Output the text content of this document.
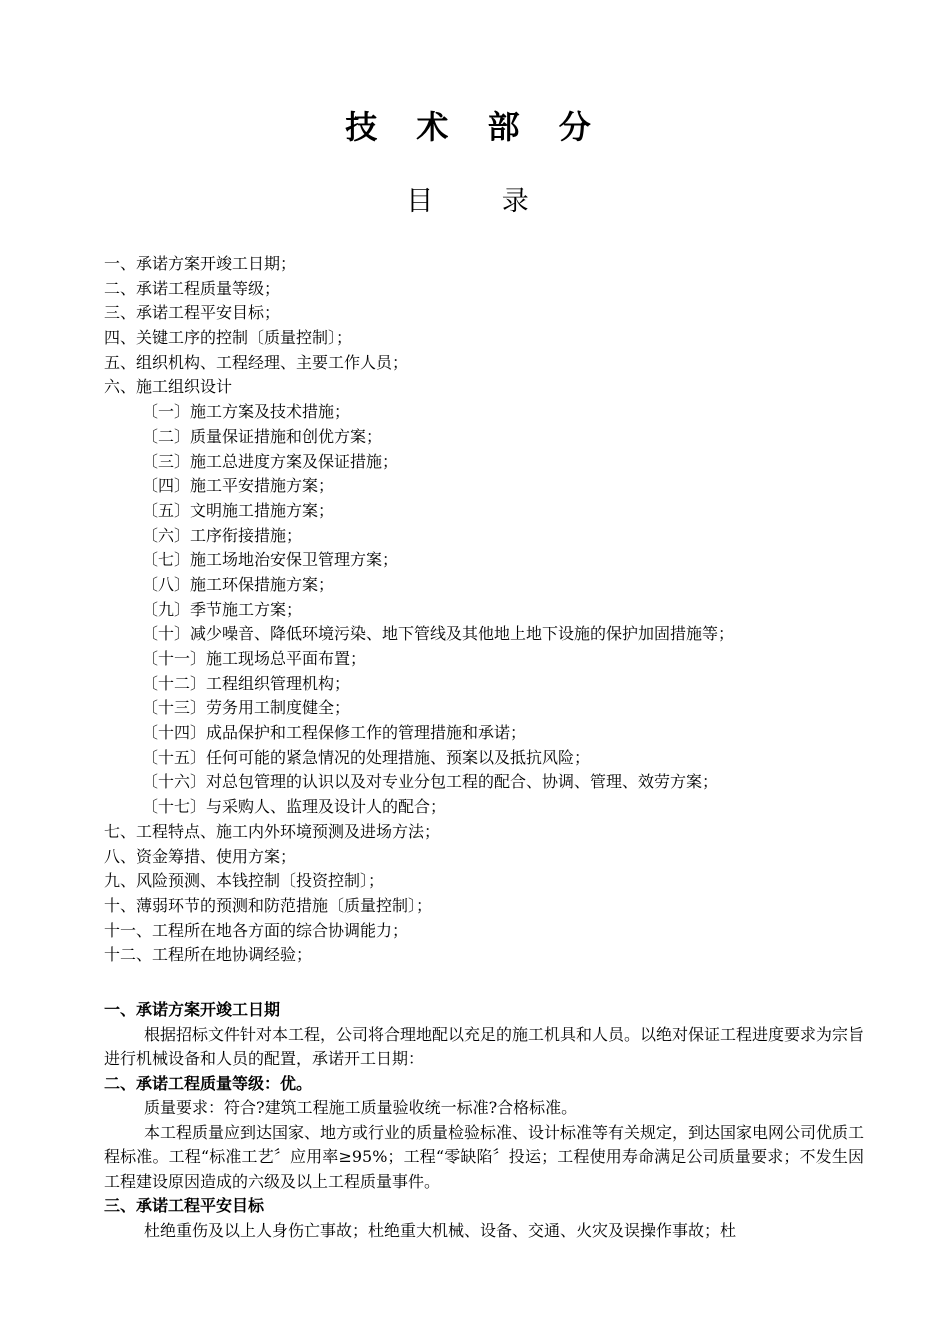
技 术 部 分
目 录
一、承诺方案开竣工日期；
二、承诺工程质量等级；
三、承诺工程平安目标；
四、关键工序的控制〔质量控制〕；
五、组织机构、工程经理、主要工作人员；
六、施工组织设计
〔一〕施工方案及技术措施；
〔二〕质量保证措施和创优方案；
〔三〕施工总进度方案及保证措施；
〔四〕施工平安措施方案；
〔五〕文明施工措施方案；
〔六〕工序衔接措施；
〔七〕施工场地治安保卫管理方案；
〔八〕施工环保措施方案；
〔九〕季节施工方案；
〔十〕减少噪音、降低环境污染、地下管线及其他地上地下设施的保护加固措施等；
〔十一〕施工现场总平面布置；
〔十二〕工程组织管理机构；
〔十三〕劳务用工制度健全；
〔十四〕成品保护和工程保修工作的管理措施和承诺；
〔十五〕任何可能的紧急情况的处理措施、预案以及抵抗风险；
〔十六〕对总包管理的认识以及对专业分包工程的配合、协调、管理、效劳方案；
〔十七〕与采购人、监理及设计人的配合；
七、工程特点、施工内外环境预测及进场方法；
八、资金筹措、使用方案；
九、风险预测、本钱控制〔投资控制〕；
十、薄弱环节的预测和防范措施〔质量控制〕；
十一、工程所在地各方面的综合协调能力；
十二、工程所在地协调经验；

一、承诺方案开竣工日期

根据招标文件针对本工程，公司将合理地配以充足的施工机具和人员。以绝对保证工程进度要求为宗旨进行机械设备和人员的配置，承诺开工日期：

二、承诺工程质量等级：优。

质量要求：符合?建筑工程施工质量验收统一标准?合格标准。

本工程质量应到达国家、地方或行业的质量检验标准、设计标准等有关规定，到达国家电网公司优质工程标准。工程“标准工艺〞应用率≥95%；工程“零缺陷〞投运；工程使用寿命满足公司质量要求；不发生因工程建设原因造成的六级及以上工程质量事件。

三、承诺工程平安目标

杜绝重伤及以上人身伤亡事故；杜绝重大机械、设备、交通、火灾及误操作事故；杜
